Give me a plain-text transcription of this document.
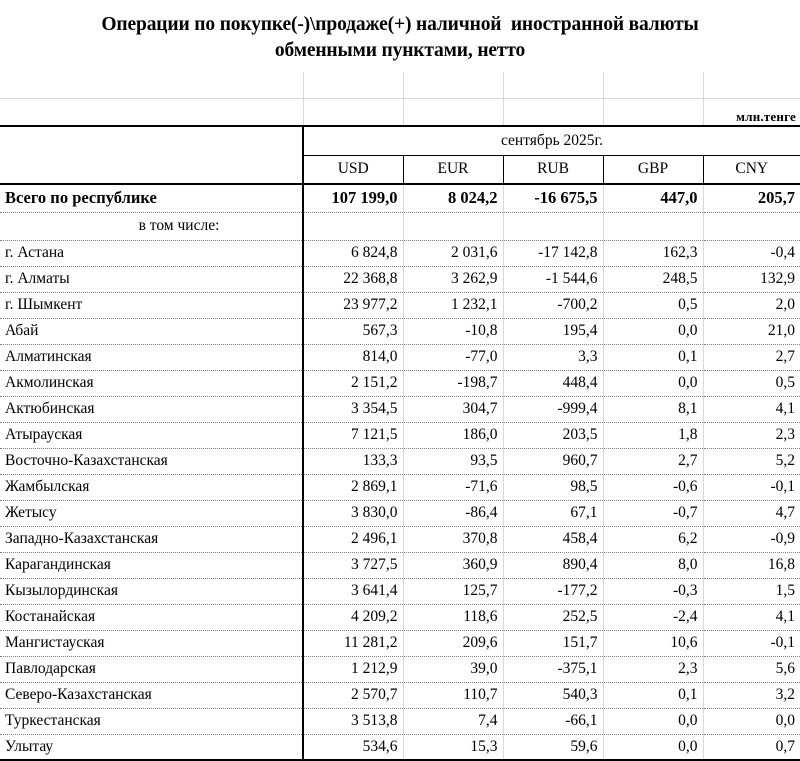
Операции по покупке(-)\продаже(+) наличной  иностранной валюты
обменными пунктами, нетто

					млн.тенге
	сентябрь 2025г.				
	USD	EUR	RUB	GBP	CNY
Всего по республике	107 199,0	8 024,2	-16 675,5	447,0	205,7
в том числе:					
г. Астана	6 824,8	2 031,6	-17 142,8	162,3	-0,4
г. Алматы	22 368,8	3 262,9	-1 544,6	248,5	132,9
г. Шымкент	23 977,2	1 232,1	-700,2	0,5	2,0
Абай	567,3	-10,8	195,4	0,0	21,0
Алматинская	814,0	-77,0	3,3	0,1	2,7
Акмолинская	2 151,2	-198,7	448,4	0,0	0,5
Актюбинская	3 354,5	304,7	-999,4	8,1	4,1
Атырауская	7 121,5	186,0	203,5	1,8	2,3
Восточно-Казахстанская	133,3	93,5	960,7	2,7	5,2
Жамбылская	2 869,1	-71,6	98,5	-0,6	-0,1
Жетысу	3 830,0	-86,4	67,1	-0,7	4,7
Западно-Казахстанская	2 496,1	370,8	458,4	6,2	-0,9
Карагандинская	3 727,5	360,9	890,4	8,0	16,8
Кызылординская	3 641,4	125,7	-177,2	-0,3	1,5
Костанайская	4 209,2	118,6	252,5	-2,4	4,1
Мангистауская	11 281,2	209,6	151,7	10,6	-0,1
Павлодарская	1 212,9	39,0	-375,1	2,3	5,6
Северо-Казахстанская	2 570,7	110,7	540,3	0,1	3,2
Туркестанская	3 513,8	7,4	-66,1	0,0	0,0
Улытау	534,6	15,3	59,6	0,0	0,7
